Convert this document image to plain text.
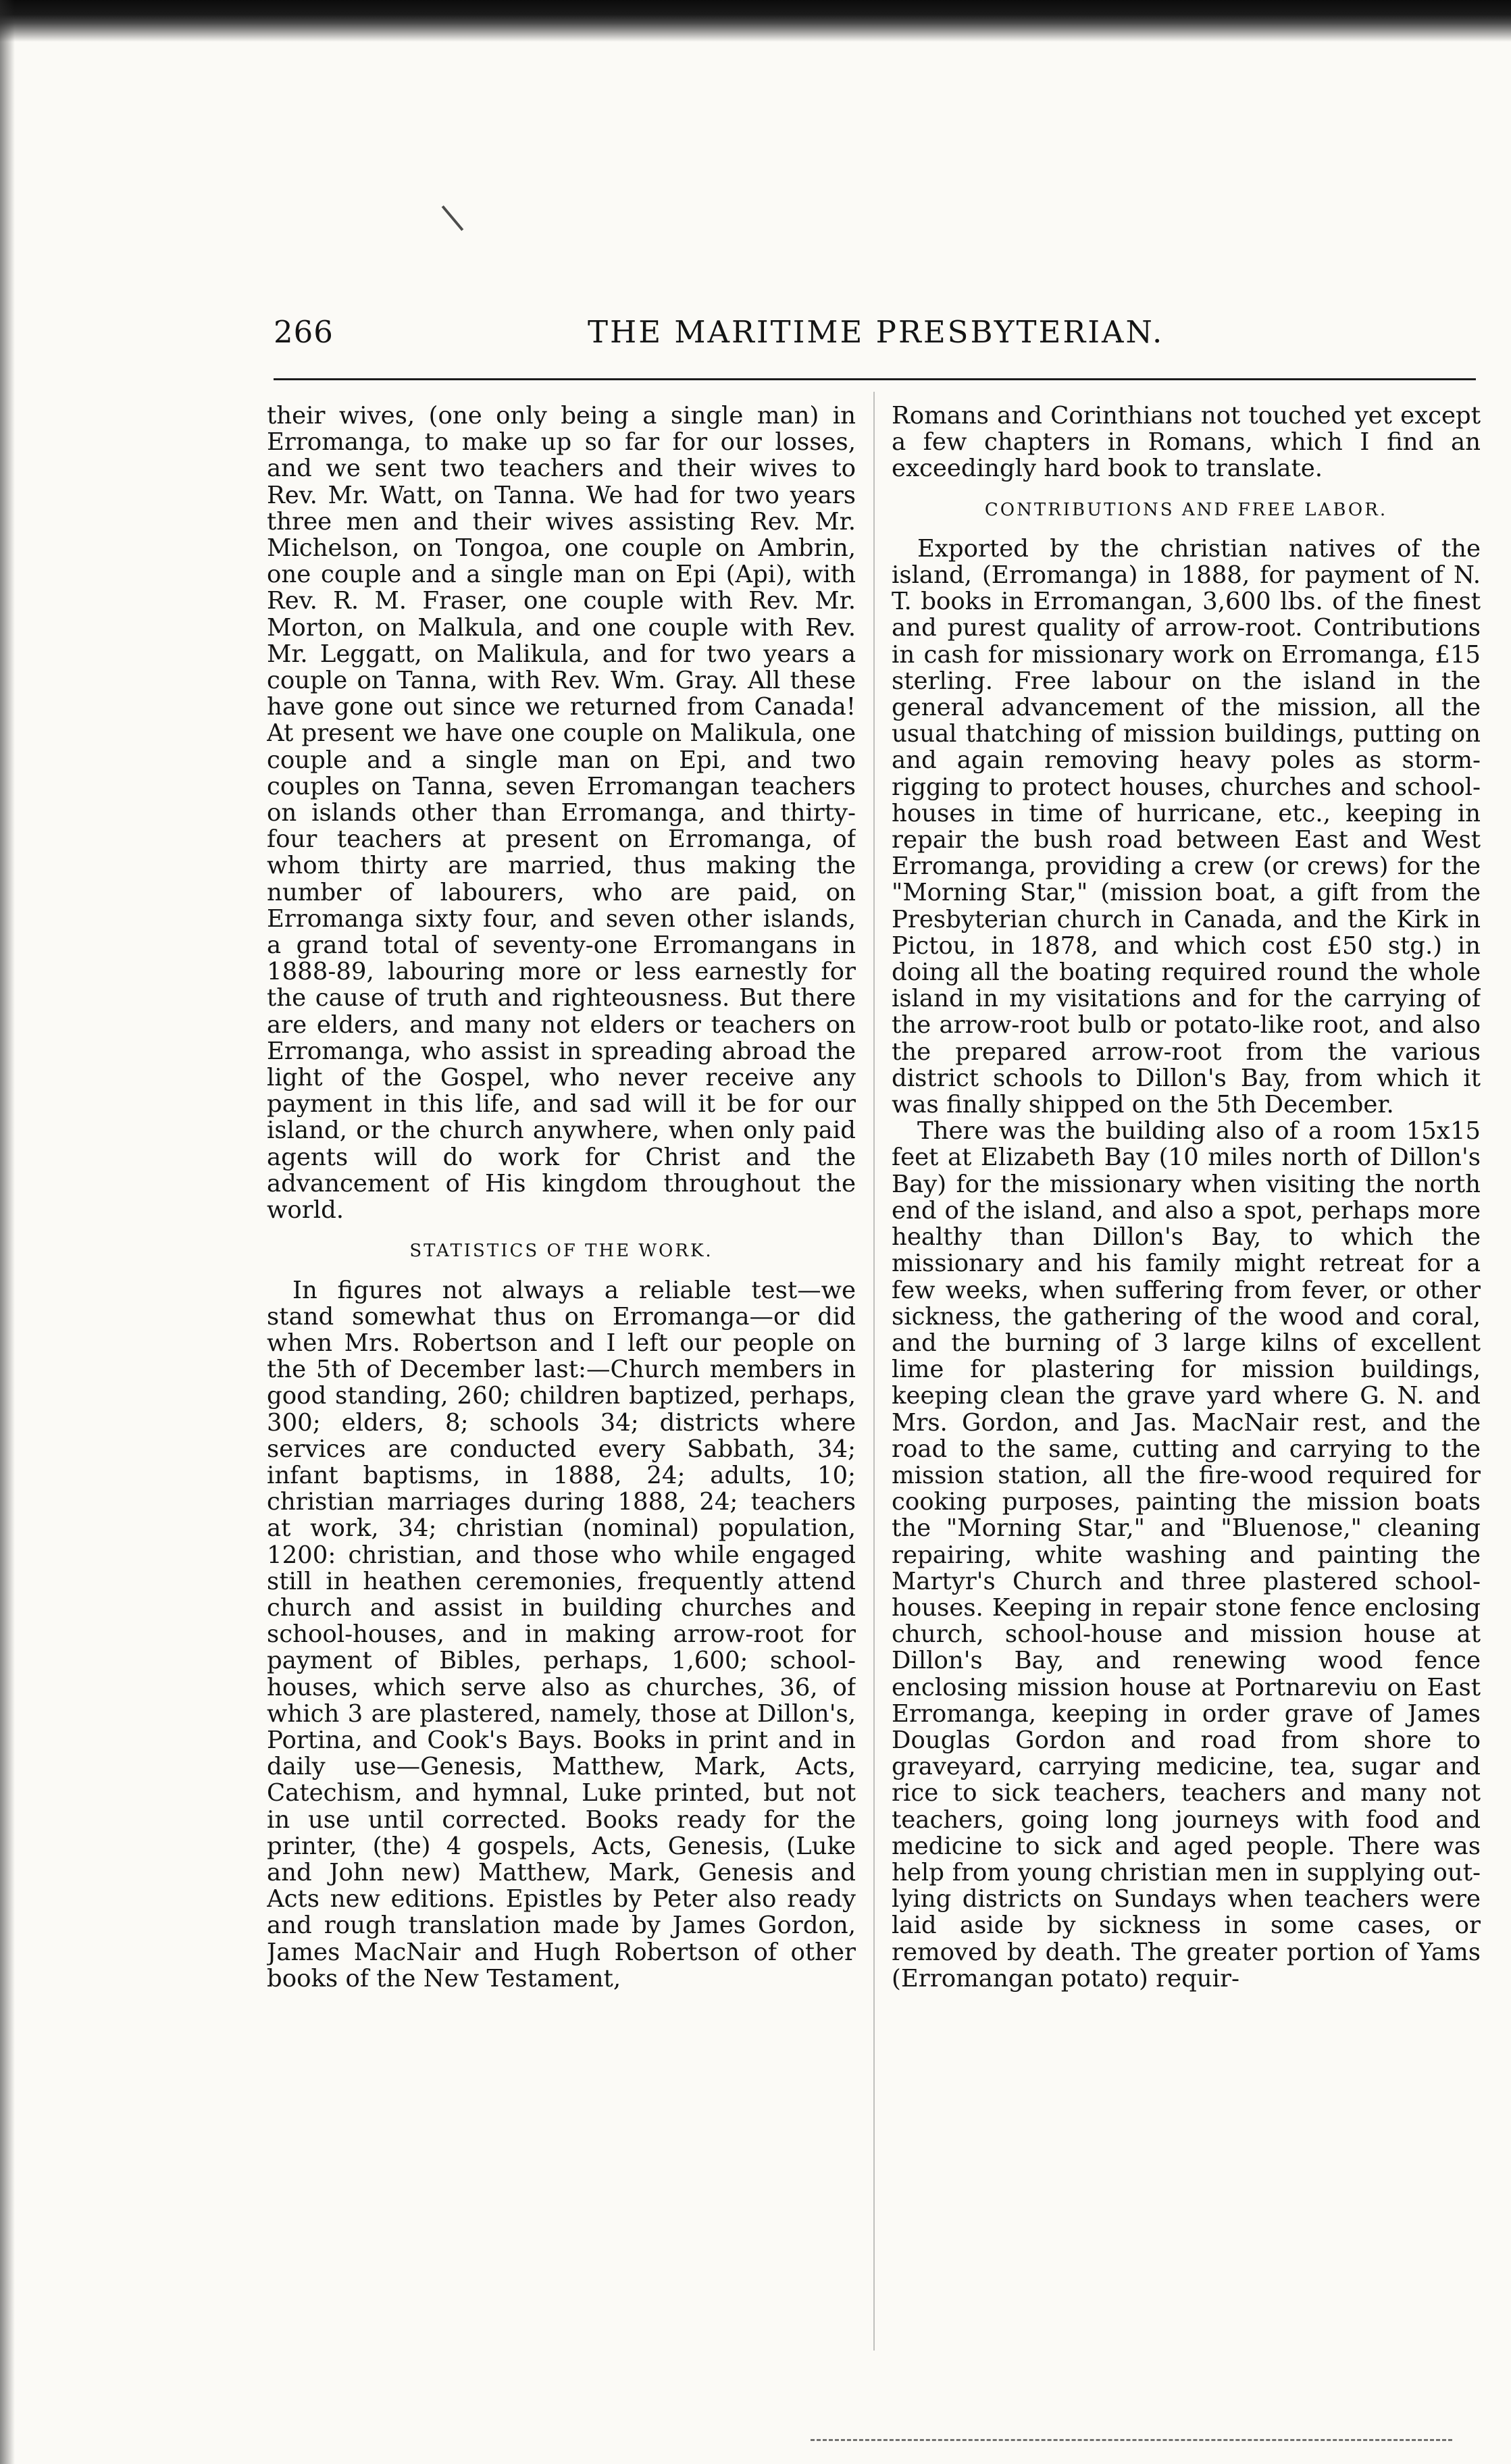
266	THE MARITIME PRESBYTERIAN.

their wives, (one only being a single man) in Erromanga, to make up so far for our losses, and we sent two teachers and their wives to Rev. Mr. Watt, on Tanna. We had for two years three men and their wives assisting Rev. Mr. Michelson, on Tongoa, one couple on Ambrin, one couple and a single man on Epi (Api), with Rev. R. M. Fraser, one couple with Rev. Mr. Morton, on Malkula, and one couple with Rev. Mr. Leggatt, on Malikula, and for two years a couple on Tanna, with Rev. Wm. Gray. All these have gone out since we returned from Canada! At present we have one couple on Malikula, one couple and a single man on Epi, and two couples on Tanna, seven Erromangan teachers on islands other than Erromanga, and thirty-four teachers at present on Erromanga, of whom thirty are married, thus making the number of labourers, who are paid, on Erromanga sixty four, and seven other islands, a grand total of seventy-one Erromangans in 1888-89, labouring more or less earnestly for the cause of truth and righteousness. But there are elders, and many not elders or teachers on Erromanga, who assist in spreading abroad the light of the Gospel, who never receive any payment in this life, and sad will it be for our island, or the church anywhere, when only paid agents will do work for Christ and the advancement of His kingdom throughout the world.

STATISTICS OF THE WORK.

In figures not always a reliable test—we stand somewhat thus on Erromanga—or did when Mrs. Robertson and I left our people on the 5th of December last:—Church members in good standing, 260; children baptized, perhaps, 300; elders, 8; schools 34; districts where services are conducted every Sabbath, 34; infant baptisms, in 1888, 24; adults, 10; christian marriages during 1888, 24; teachers at work, 34; christian (nominal) population, 1200: christian, and those who while engaged still in heathen ceremonies, frequently attend church and assist in building churches and school-houses, and in making arrow-root for payment of Bibles, perhaps, 1,600; school-houses, which serve also as churches, 36, of which 3 are plastered, namely, those at Dillon's, Portina, and Cook's Bays. Books in print and in daily use—Genesis, Matthew, Mark, Acts, Catechism, and hymnal, Luke printed, but not in use until corrected. Books ready for the printer, (the) 4 gospels, Acts, Genesis, (Luke and John new) Matthew, Mark, Genesis and Acts new editions. Epistles by Peter also ready and rough translation made by James Gordon, James MacNair and Hugh Robertson of other books of the New Testament,

Romans and Corinthians not touched yet except a few chapters in Romans, which I find an exceedingly hard book to translate.

CONTRIBUTIONS AND FREE LABOR.

Exported by the christian natives of the island, (Erromanga) in 1888, for payment of N. T. books in Erromangan, 3,600 lbs. of the finest and purest quality of arrow-root. Contributions in cash for missionary work on Erromanga, £15 sterling. Free labour on the island in the general advancement of the mission, all the usual thatching of mission buildings, putting on and again removing heavy poles as storm-rigging to protect houses, churches and school-houses in time of hurricane, etc., keeping in repair the bush road between East and West Erromanga, providing a crew (or crews) for the "Morning Star," (mission boat, a gift from the Presbyterian church in Canada, and the Kirk in Pictou, in 1878, and which cost £50 stg.) in doing all the boating required round the whole island in my visitations and for the carrying of the arrow-root bulb or potato-like root, and also the prepared arrow-root from the various district schools to Dillon's Bay, from which it was finally shipped on the 5th December.

There was the building also of a room 15x15 feet at Elizabeth Bay (10 miles north of Dillon's Bay) for the missionary when visiting the north end of the island, and also a spot, perhaps more healthy than Dillon's Bay, to which the missionary and his family might retreat for a few weeks, when suffering from fever, or other sickness, the gathering of the wood and coral, and the burning of 3 large kilns of excellent lime for plastering for mission buildings, keeping clean the grave yard where G. N. and Mrs. Gordon, and Jas. MacNair rest, and the road to the same, cutting and carrying to the mission station, all the fire-wood required for cooking purposes, painting the mission boats the "Morning Star," and "Bluenose," cleaning repairing, white washing and painting the Martyr's Church and three plastered school-houses. Keeping in repair stone fence enclosing church, school-house and mission house at Dillon's Bay, and renewing wood fence enclosing mission house at Portnareviu on East Erromanga, keeping in order grave of James Douglas Gordon and road from shore to graveyard, carrying medicine, tea, sugar and rice to sick teachers, teachers and many not teachers, going long journeys with food and medicine to sick and aged people. There was help from young christian men in supplying out-lying districts on Sundays when teachers were laid aside by sickness in some cases, or removed by death. The greater portion of Yams (Erromangan potato) requir-
